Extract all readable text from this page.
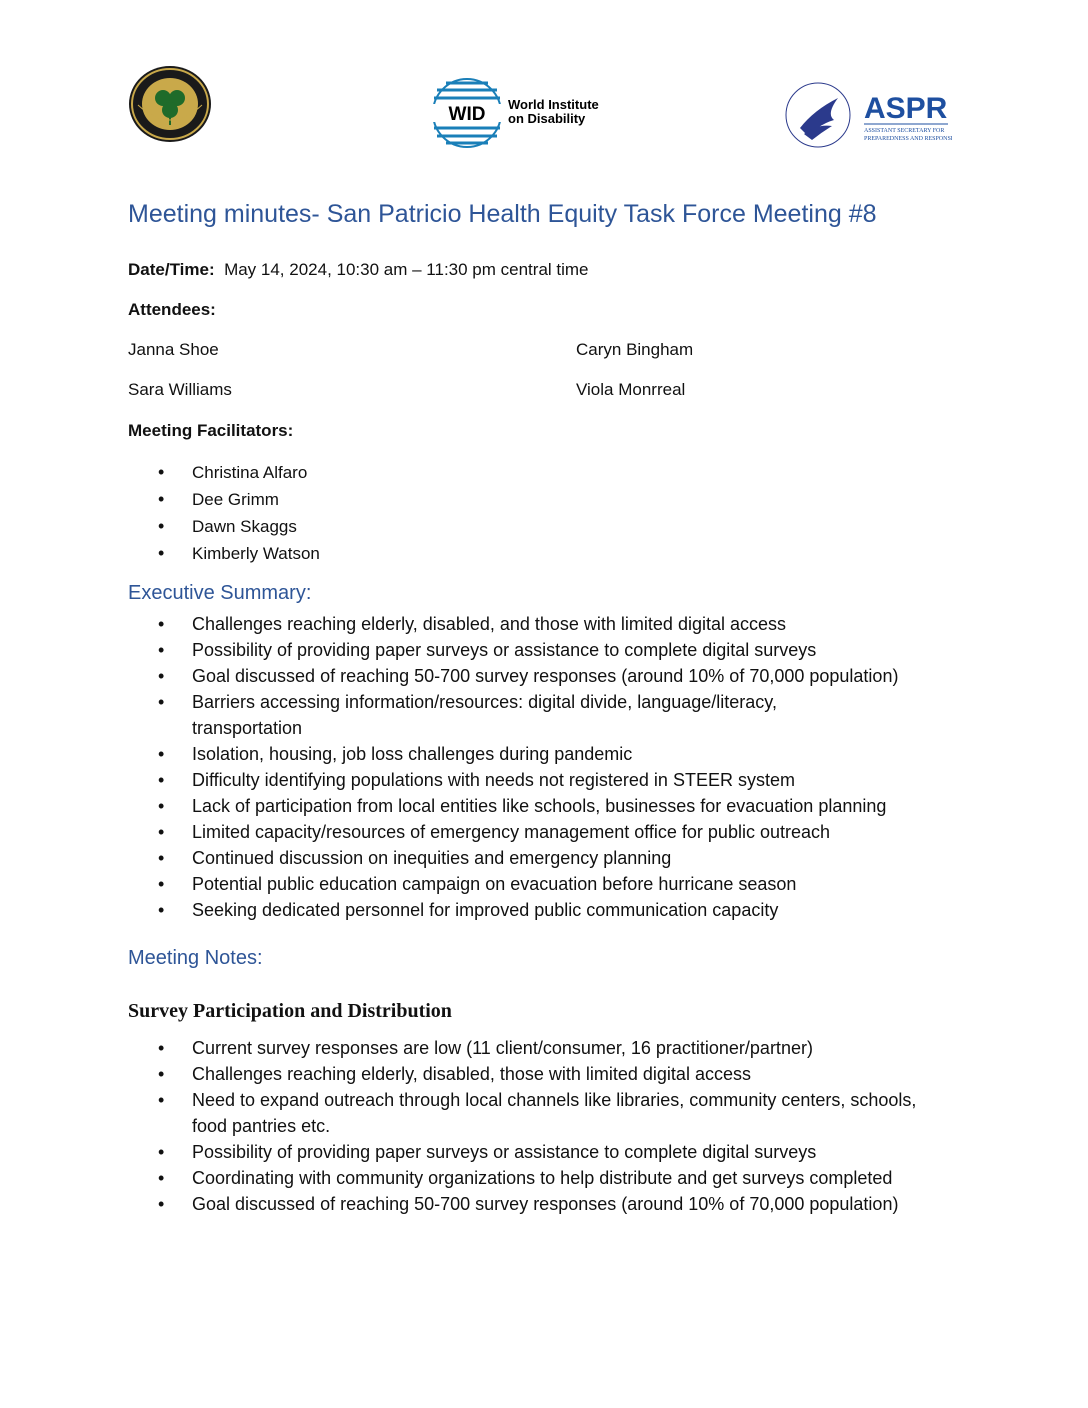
WID World Institute
on Disability	ASPR
ASSISTANT SECRETARY FOR
PREPAREDNESS AND RESPONSE
Meeting minutes- San Patricio Health Equity Task Force Meeting #8
Date/Time: May 14, 2024, 10:30 am – 11:30 pm central time
Attendees:
Janna Shoe	Caryn Bingham
Sara Williams	Viola Monrreal
Meeting Facilitators:
• Christina Alfaro
• Dee Grimm
• Dawn Skaggs
• Kimberly Watson
Executive Summary:
• Challenges reaching elderly, disabled, and those with limited digital access
• Possibility of providing paper surveys or assistance to complete digital surveys
• Goal discussed of reaching 50-700 survey responses (around 10% of 70,000 population)
• Barriers accessing information/resources: digital divide, language/literacy, transportation
• Isolation, housing, job loss challenges during pandemic
• Difficulty identifying populations with needs not registered in STEER system
• Lack of participation from local entities like schools, businesses for evacuation planning
• Limited capacity/resources of emergency management office for public outreach
• Continued discussion on inequities and emergency planning
• Potential public education campaign on evacuation before hurricane season
• Seeking dedicated personnel for improved public communication capacity
Meeting Notes:
Survey Participation and Distribution
• Current survey responses are low (11 client/consumer, 16 practitioner/partner)
• Challenges reaching elderly, disabled, those with limited digital access
• Need to expand outreach through local channels like libraries, community centers, schools, food pantries etc.
• Possibility of providing paper surveys or assistance to complete digital surveys
• Coordinating with community organizations to help distribute and get surveys completed
• Goal discussed of reaching 50-700 survey responses (around 10% of 70,000 population)
